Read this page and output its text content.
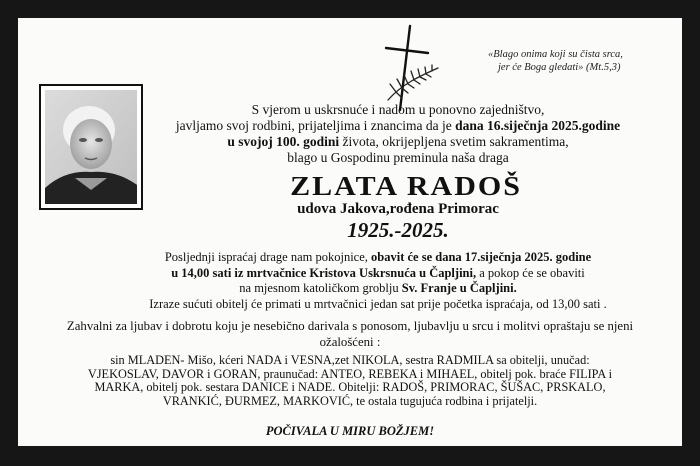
«Blago onima koji su čista srca,
jer će Boga gledati» (Mt.5,3)
S vjerom u uskrsnuće i nadom u ponovno zajedništvo,
javljamo svoj rodbini, prijateljima i znancima da je dana 16.siječnja 2025.godine
u svojoj 100. godini života, okrijepljena svetim sakramentima,
blago u Gospodinu preminula naša draga
ZLATA RADOŠ
udova Jakova,rođena Primorac
1925.-2025.
Posljednji ispraćaj drage nam pokojnice, obavit će se dana 17.siječnja 2025. godine
u 14,00 sati iz mrtvačnice Kristova Uskrsnuća u Čapljini, a pokop će se obaviti
na mjesnom katoličkom groblju Sv. Franje u Čapljini.
Izraze sućuti obitelj će primati u mrtvačnici jedan sat prije početka ispraćaja, od 13,00 sati .
Zahvalni za ljubav i dobrotu koju je nesebično darivala s ponosom, ljubavlju u srcu i molitvi opraštaju se njeni
ožalošćeni :
sin MLADEN- Mišo, kćeri NADA i VESNA,zet NIKOLA, sestra RADMILA sa obitelji, unučad:
VJEKOSLAV, DAVOR i GORAN, praunučad: ANTEO, REBEKA i MIHAEL, obitelj pok. braće FILIPA i
MARKA, obitelj pok. sestara DANICE i NADE. Obitelji: RADOŠ, PRIMORAC, ŠUŠAC, PRSKALO,
VRANKIĆ, ĐURMEZ, MARKOVIĆ, te ostala tugujuća rodbina i prijatelji.
POČIVALA U MIRU BOŽJEM!
